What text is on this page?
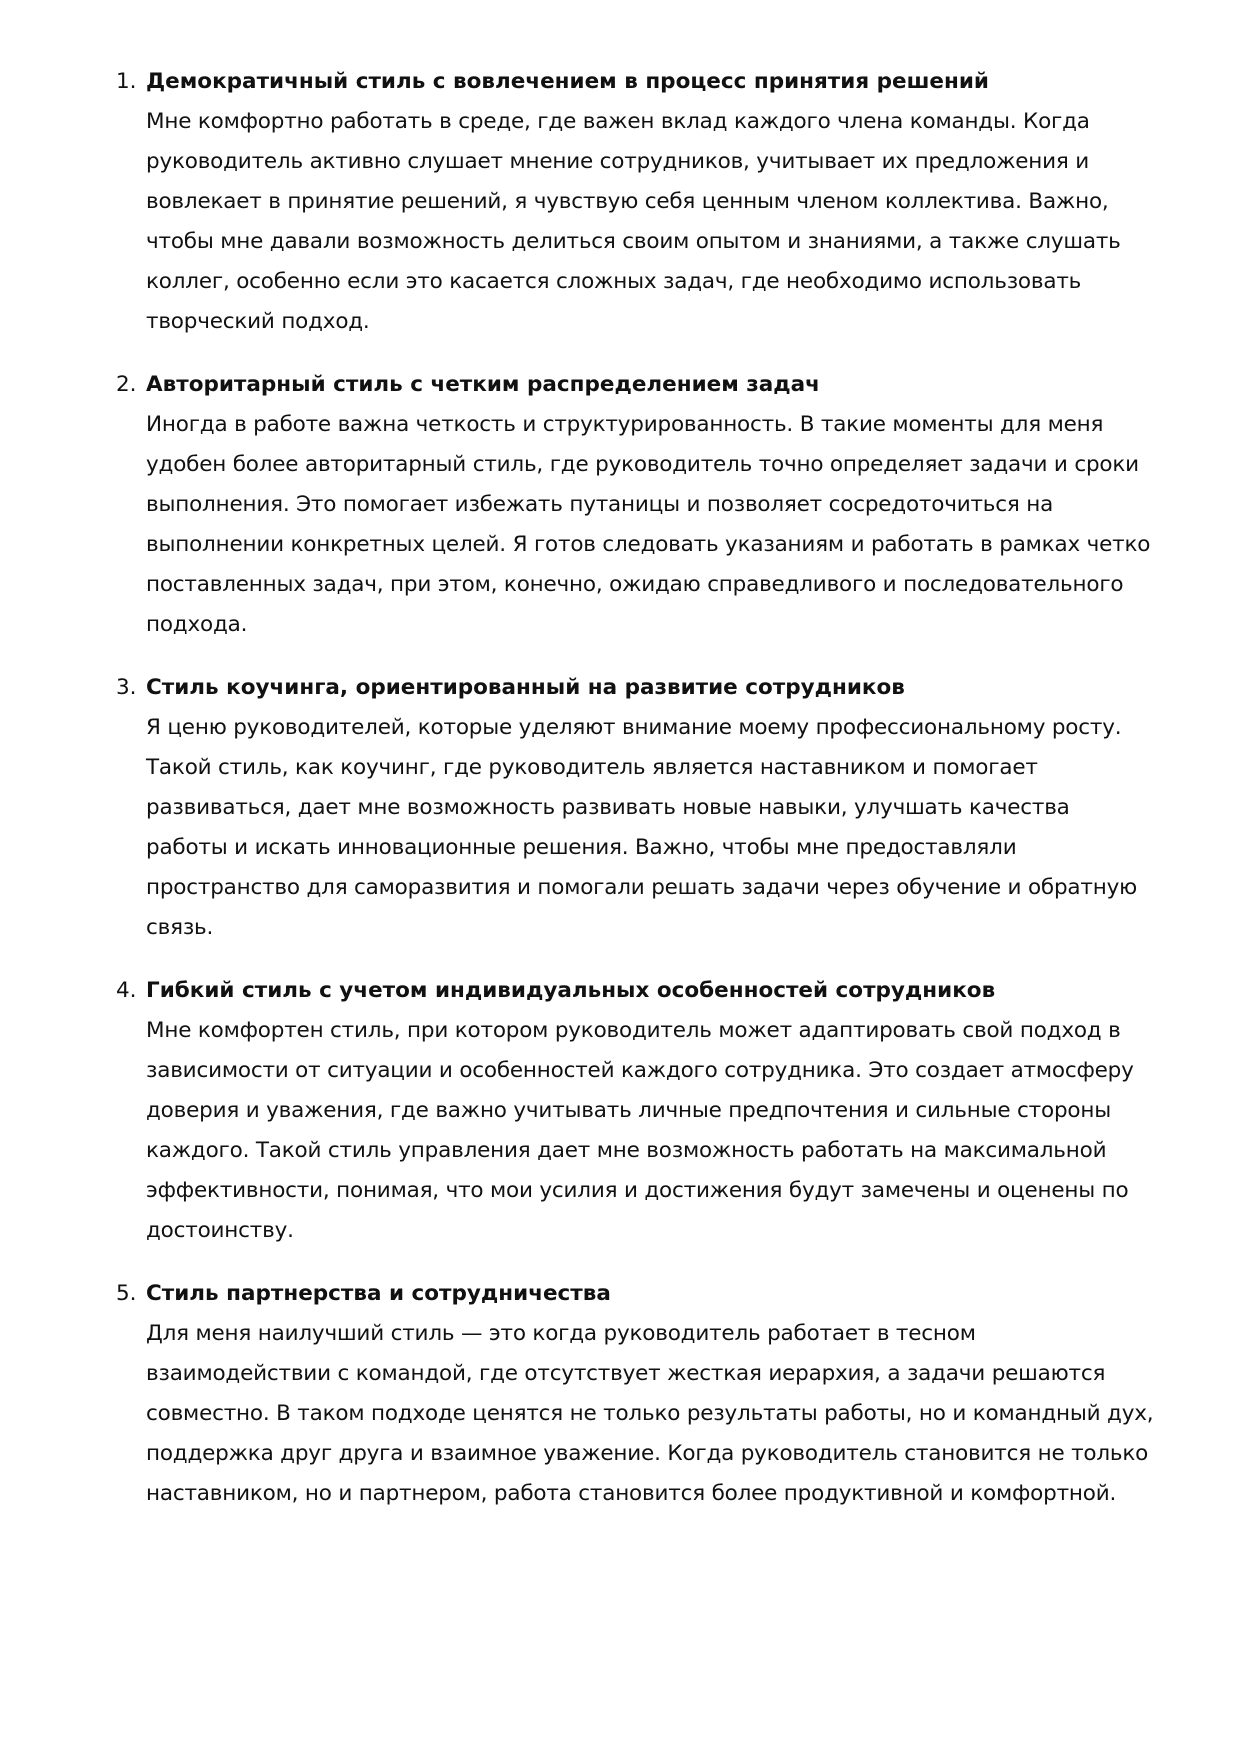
1. Демократичный стиль с вовлечением в процесс принятия решений
Мне комфортно работать в среде, где важен вклад каждого члена команды. Когда руководитель активно слушает мнение сотрудников, учитывает их предложения и вовлекает в принятие решений, я чувствую себя ценным членом коллектива. Важно, чтобы мне давали возможность делиться своим опытом и знаниями, а также слушать коллег, особенно если это касается сложных задач, где необходимо использовать творческий подход.
2. Авторитарный стиль с четким распределением задач
Иногда в работе важна четкость и структурированность. В такие моменты для меня удобен более авторитарный стиль, где руководитель точно определяет задачи и сроки выполнения. Это помогает избежать путаницы и позволяет сосредоточиться на выполнении конкретных целей. Я готов следовать указаниям и работать в рамках четко поставленных задач, при этом, конечно, ожидаю справедливого и последовательного подхода.
3. Стиль коучинга, ориентированный на развитие сотрудников
Я ценю руководителей, которые уделяют внимание моему профессиональному росту. Такой стиль, как коучинг, где руководитель является наставником и помогает развиваться, дает мне возможность развивать новые навыки, улучшать качества работы и искать инновационные решения. Важно, чтобы мне предоставляли пространство для саморазвития и помогали решать задачи через обучение и обратную связь.
4. Гибкий стиль с учетом индивидуальных особенностей сотрудников
Мне комфортен стиль, при котором руководитель может адаптировать свой подход в зависимости от ситуации и особенностей каждого сотрудника. Это создает атмосферу доверия и уважения, где важно учитывать личные предпочтения и сильные стороны каждого. Такой стиль управления дает мне возможность работать на максимальной эффективности, понимая, что мои усилия и достижения будут замечены и оценены по достоинству.
5. Стиль партнерства и сотрудничества
Для меня наилучший стиль — это когда руководитель работает в тесном взаимодействии с командой, где отсутствует жесткая иерархия, а задачи решаются совместно. В таком подходе ценятся не только результаты работы, но и командный дух, поддержка друг друга и взаимное уважение. Когда руководитель становится не только наставником, но и партнером, работа становится более продуктивной и комфортной.
